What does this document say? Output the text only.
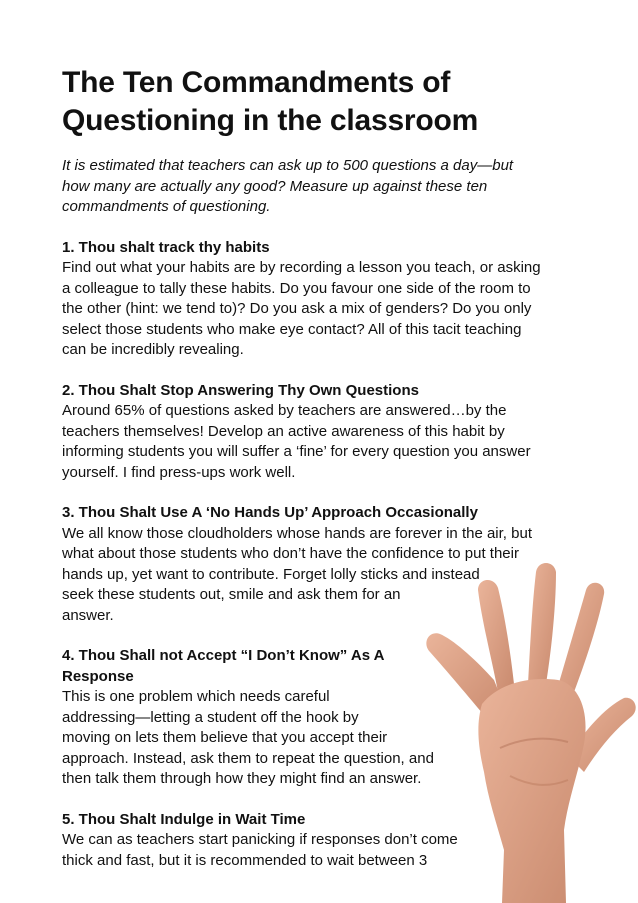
The Ten Commandments of
Questioning in the classroom

It is estimated that teachers can ask up to 500 questions a day—but
how many are actually any good? Measure up against these ten
commandments of questioning.

1. Thou shalt track thy habits

Find out what your habits are by recording a lesson you teach, or asking
a colleague to tally these habits. Do you favour one side of the room to
the other (hint: we tend to)? Do you ask a mix of genders? Do you only
select those students who make eye contact? All of this tacit teaching
can be incredibly revealing.

2. Thou Shalt Stop Answering Thy Own Questions

Around 65% of questions asked by teachers are answered…by the
teachers themselves! Develop an active awareness of this habit by
informing students you will suffer a ‘fine’ for every question you answer
yourself. I find press-ups work well.

3. Thou Shalt Use A ‘No Hands Up’ Approach Occasionally

We all know those cloudholders whose hands are forever in the air, but
what about those students who don’t have the confidence to put their
hands up, yet want to contribute. Forget lolly sticks and instead
seek these students out, smile and ask them for an
answer.

4. Thou Shall not Accept “I Don’t Know” As A
Response

This is one problem which needs careful
addressing—letting a student off the hook by
moving on lets them believe that you accept their
approach. Instead, ask them to repeat the question, and
then talk them through how they might find an answer.

5. Thou Shalt Indulge in Wait Time

We can as teachers start panicking if responses don’t come
thick and fast, but it is recommended to wait between 3
